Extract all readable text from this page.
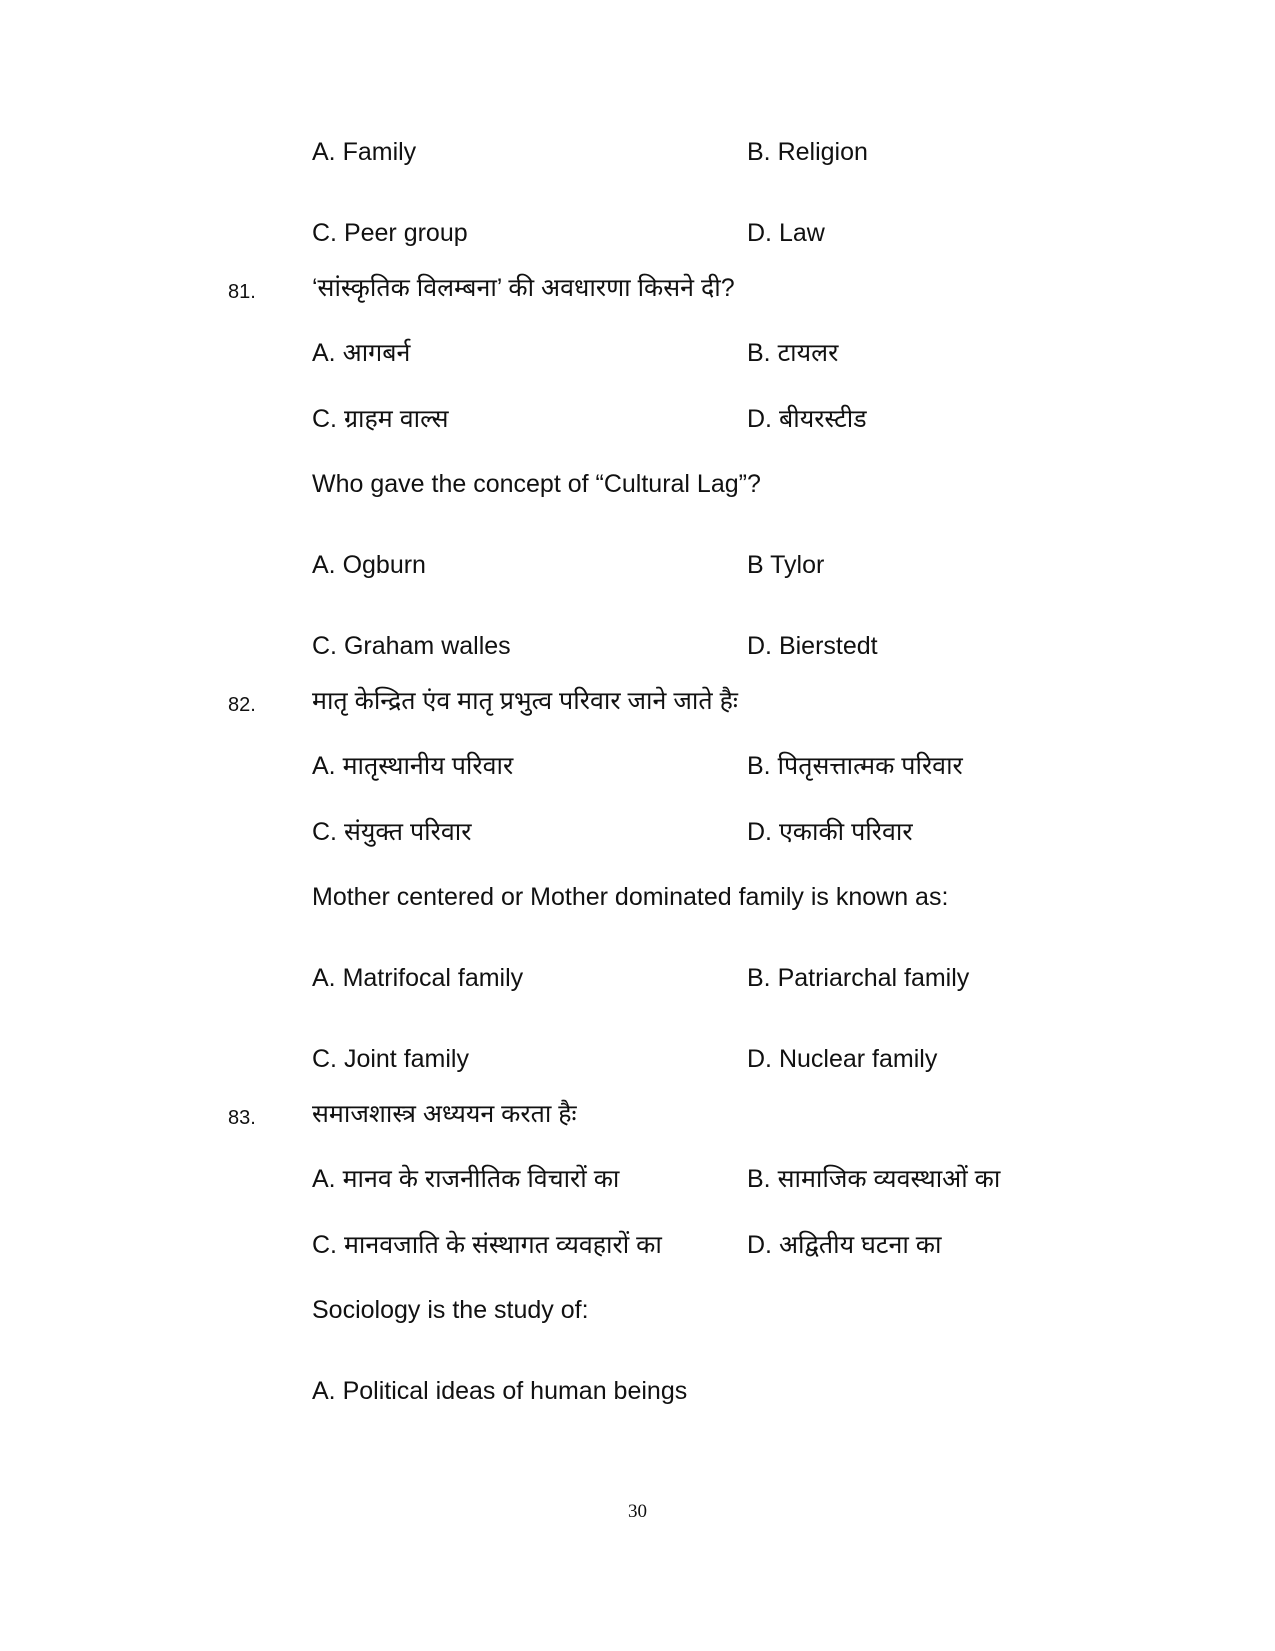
A. Family	B. Religion
C. Peer group	D. Law
81. ‘सांस्कृतिक विलम्बना’ की अवधारणा किसने दी?
A. आगबर्न	B. टायलर
C. ग्राहम वाल्स	D. बीयरस्टीड
Who gave the concept of “Cultural Lag”?
A. Ogburn	B Tylor
C. Graham walles	D. Bierstedt
82. मातृ केन्द्रित एंव मातृ प्रभुत्व परिवार जाने जाते हैः
A. मातृस्थानीय परिवार	B. पितृसत्तात्मक परिवार
C. संयुक्त परिवार	D. एकाकी परिवार
Mother centered or Mother dominated family is known as:
A. Matrifocal family	B. Patriarchal family
C. Joint family	D. Nuclear family
83. समाजशास्त्र अध्ययन करता हैः
A. मानव के राजनीतिक विचारों का	B. सामाजिक व्यवस्थाओं का
C. मानवजाति के संस्थागत व्यवहारों का	D. अद्वितीय घटना का
Sociology is the study of:
A. Political ideas of human beings
30
